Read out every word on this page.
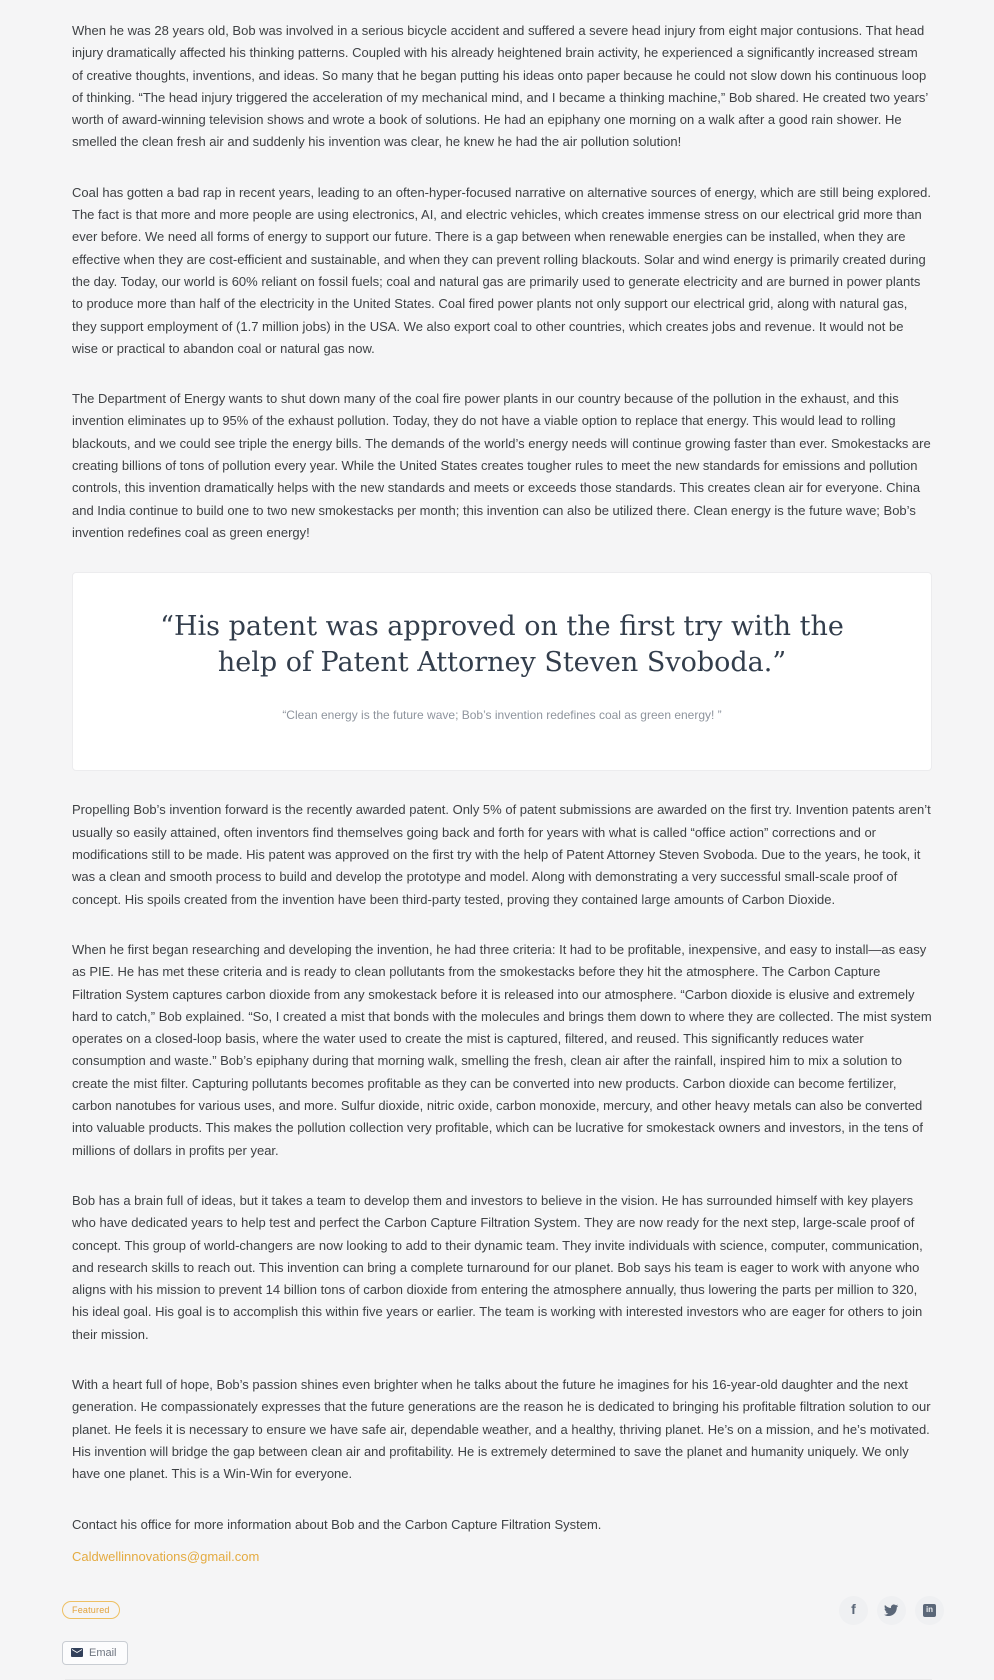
When he was 28 years old, Bob was involved in a serious bicycle accident and suffered a severe head injury from eight major contusions. That head injury dramatically affected his thinking patterns. Coupled with his already heightened brain activity, he experienced a significantly increased stream of creative thoughts, inventions, and ideas. So many that he began putting his ideas onto paper because he could not slow down his continuous loop of thinking. “The head injury triggered the acceleration of my mechanical mind, and I became a thinking machine,” Bob shared. He created two years’ worth of award-winning television shows and wrote a book of solutions. He had an epiphany one morning on a walk after a good rain shower. He smelled the clean fresh air and suddenly his invention was clear, he knew he had the air pollution solution!

Coal has gotten a bad rap in recent years, leading to an often-hyper-focused narrative on alternative sources of energy, which are still being explored. The fact is that more and more people are using electronics, AI, and electric vehicles, which creates immense stress on our electrical grid more than ever before. We need all forms of energy to support our future. There is a gap between when renewable energies can be installed, when they are effective when they are cost-efficient and sustainable, and when they can prevent rolling blackouts. Solar and wind energy is primarily created during the day. Today, our world is 60% reliant on fossil fuels; coal and natural gas are primarily used to generate electricity and are burned in power plants to produce more than half of the electricity in the United States. Coal fired power plants not only support our electrical grid, along with natural gas, they support employment of (1.7 million jobs) in the USA. We also export coal to other countries, which creates jobs and revenue. It would not be wise or practical to abandon coal or natural gas now.

The Department of Energy wants to shut down many of the coal fire power plants in our country because of the pollution in the exhaust, and this invention eliminates up to 95% of the exhaust pollution. Today, they do not have a viable option to replace that energy. This would lead to rolling blackouts, and we could see triple the energy bills. The demands of the world’s energy needs will continue growing faster than ever. Smokestacks are creating billions of tons of pollution every year. While the United States creates tougher rules to meet the new standards for emissions and pollution controls, this invention dramatically helps with the new standards and meets or exceeds those standards. This creates clean air for everyone. China and India continue to build one to two new smokestacks per month; this invention can also be utilized there. Clean energy is the future wave; Bob’s invention redefines coal as green energy!

“His patent was approved on the first try with the help of Patent Attorney Steven Svoboda.”

“Clean energy is the future wave; Bob’s invention redefines coal as green energy! ”

Propelling Bob’s invention forward is the recently awarded patent. Only 5% of patent submissions are awarded on the first try. Invention patents aren’t usually so easily attained, often inventors find themselves going back and forth for years with what is called “office action” corrections and or modifications still to be made. His patent was approved on the first try with the help of Patent Attorney Steven Svoboda. Due to the years, he took, it was a clean and smooth process to build and develop the prototype and model. Along with demonstrating a very successful small-scale proof of concept. His spoils created from the invention have been third-party tested, proving they contained large amounts of Carbon Dioxide.

When he first began researching and developing the invention, he had three criteria: It had to be profitable, inexpensive, and easy to install—as easy as PIE. He has met these criteria and is ready to clean pollutants from the smokestacks before they hit the atmosphere. The Carbon Capture Filtration System captures carbon dioxide from any smokestack before it is released into our atmosphere. “Carbon dioxide is elusive and extremely hard to catch,” Bob explained. “So, I created a mist that bonds with the molecules and brings them down to where they are collected. The mist system operates on a closed-loop basis, where the water used to create the mist is captured, filtered, and reused. This significantly reduces water consumption and waste.” Bob’s epiphany during that morning walk, smelling the fresh, clean air after the rainfall, inspired him to mix a solution to create the mist filter. Capturing pollutants becomes profitable as they can be converted into new products. Carbon dioxide can become fertilizer, carbon nanotubes for various uses, and more. Sulfur dioxide, nitric oxide, carbon monoxide, mercury, and other heavy metals can also be converted into valuable products. This makes the pollution collection very profitable, which can be lucrative for smokestack owners and investors, in the tens of millions of dollars in profits per year.

Bob has a brain full of ideas, but it takes a team to develop them and investors to believe in the vision. He has surrounded himself with key players who have dedicated years to help test and perfect the Carbon Capture Filtration System. They are now ready for the next step, large-scale proof of concept. This group of world-changers are now looking to add to their dynamic team. They invite individuals with science, computer, communication, and research skills to reach out. This invention can bring a complete turnaround for our planet. Bob says his team is eager to work with anyone who aligns with his mission to prevent 14 billion tons of carbon dioxide from entering the atmosphere annually, thus lowering the parts per million to 320, his ideal goal. His goal is to accomplish this within five years or earlier. The team is working with interested investors who are eager for others to join their mission.

With a heart full of hope, Bob’s passion shines even brighter when he talks about the future he imagines for his 16-year-old daughter and the next generation. He compassionately expresses that the future generations are the reason he is dedicated to bringing his profitable filtration solution to our planet. He feels it is necessary to ensure we have safe air, dependable weather, and a healthy, thriving planet. He’s on a mission, and he’s motivated. His invention will bridge the gap between clean air and profitability. He is extremely determined to save the planet and humanity uniquely. We only have one planet. This is a Win-Win for everyone.

Contact his office for more information about Bob and the Carbon Capture Filtration System.

Caldwellinnovations@gmail.com
Featured	f	in
Email
